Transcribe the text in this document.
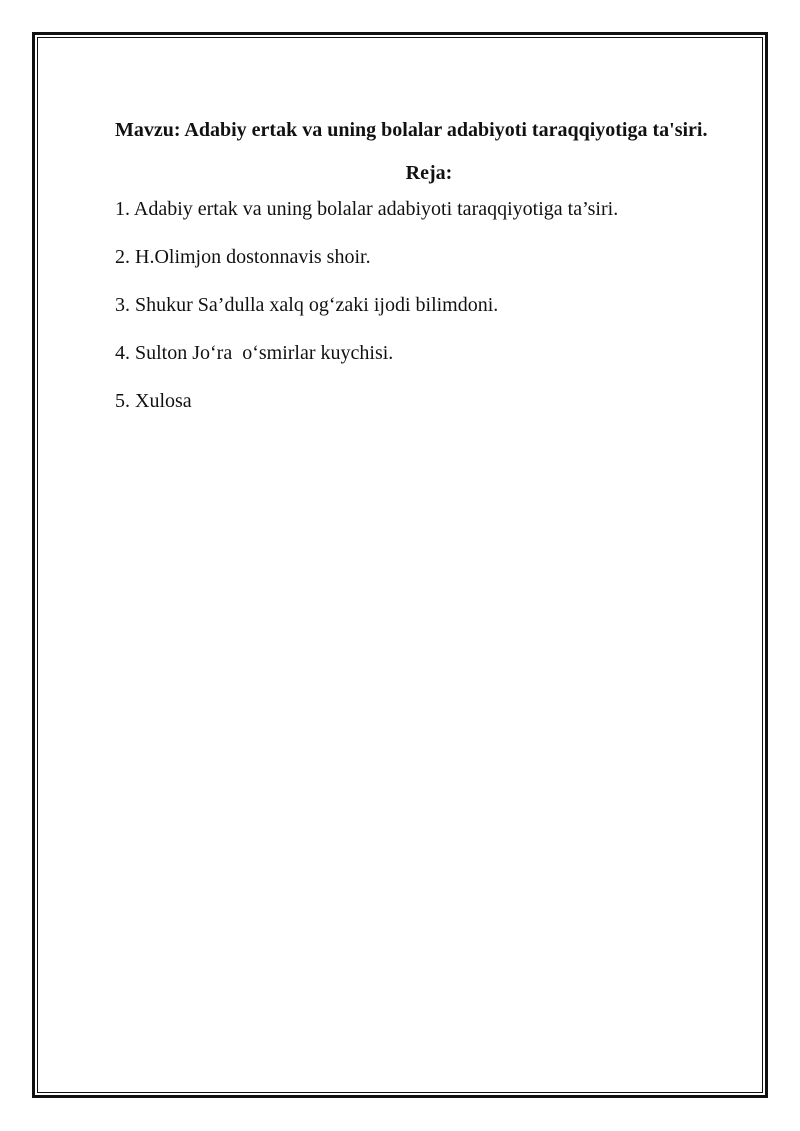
Mavzu: Adabiy ertak va uning bolalar adabiyoti taraqqiyotiga ta'siri.

Reja:

1. Adabiy ertak va uning bolalar adabiyoti taraqqiyotiga ta’siri.
2. H.Olimjon dostonnavis shoir.
3. Shukur Sa’dulla xalq og‘zaki ijodi bilimdoni.
4. Sulton Jo‘ra  o‘smirlar kuychisi.
5. Xulosa
